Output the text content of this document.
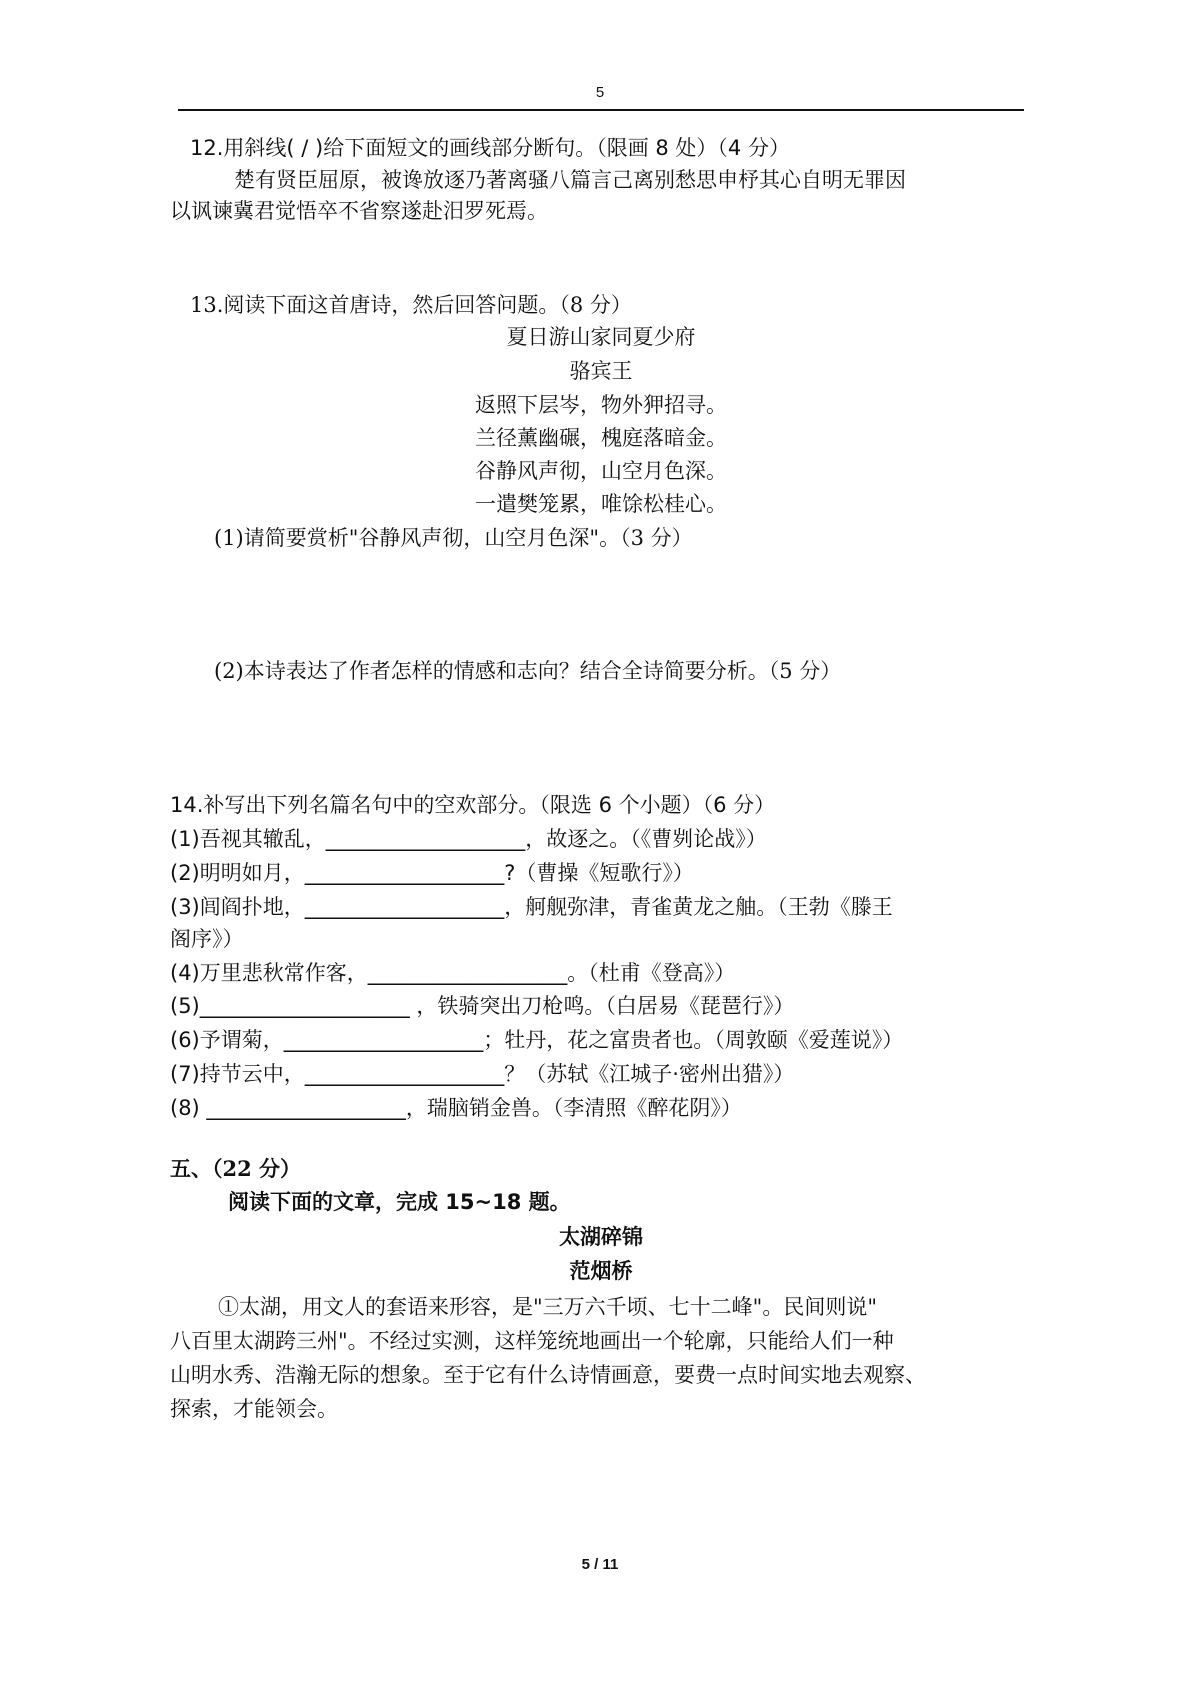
5
12.用斜线( / )给下面短文的画线部分断句。（限画 8 处）（4 分）
楚有贤臣屈原，被谗放逐乃著离骚八篇言己离别愁思申杼其心自明无罪因
以讽谏冀君觉悟卒不省察遂赴汨罗死焉。
13.阅读下面这首唐诗，然后回答问题。（8 分）
夏日游山家同夏少府
骆宾王
返照下层岑，物外狎招寻。
兰径薰幽碾，槐庭落暗金。
谷静风声彻，山空月色深。
一遣樊笼累，唯馀松桂心。
(1)请简要赏析"谷静风声彻，山空月色深"。（3 分）
(2)本诗表达了作者怎样的情感和志向？结合全诗简要分析。（5 分）
14.补写出下列名篇名句中的空欢部分。（限选 6 个小题）（6 分）
(1)吾视其辙乱，___________________，故逐之。（《曹刿论战》）
(2)明明如月，___________________?（曹操《短歌行》）
(3)闾阎扑地，___________________，舸舰弥津，青雀黄龙之舳。（王勃《滕王
阁序》）
(4)万里悲秋常作客，___________________。（杜甫《登高》）
(5)____________________ ，铁骑突出刀枪鸣。（白居易《琵琶行》）
(6)予谓菊，___________________；牡丹，花之富贵者也。（周敦颐《爱莲说》）
(7)持节云中，___________________？（苏轼《江城子·密州出猎》）
(8) ___________________，瑞脑销金兽。（李清照《醉花阴》）
五、（22 分）
阅读下面的文章，完成 15~18 题。
太湖碎锦
范烟桥
①太湖，用文人的套语来形容，是"三万六千顷、七十二峰"。民间则说"
八百里太湖跨三州"。不经过实测，这样笼统地画出一个轮廓，只能给人们一种
山明水秀、浩瀚无际的想象。至于它有什么诗情画意，要费一点时间实地去观察、
探索，才能领会。
5 / 11
